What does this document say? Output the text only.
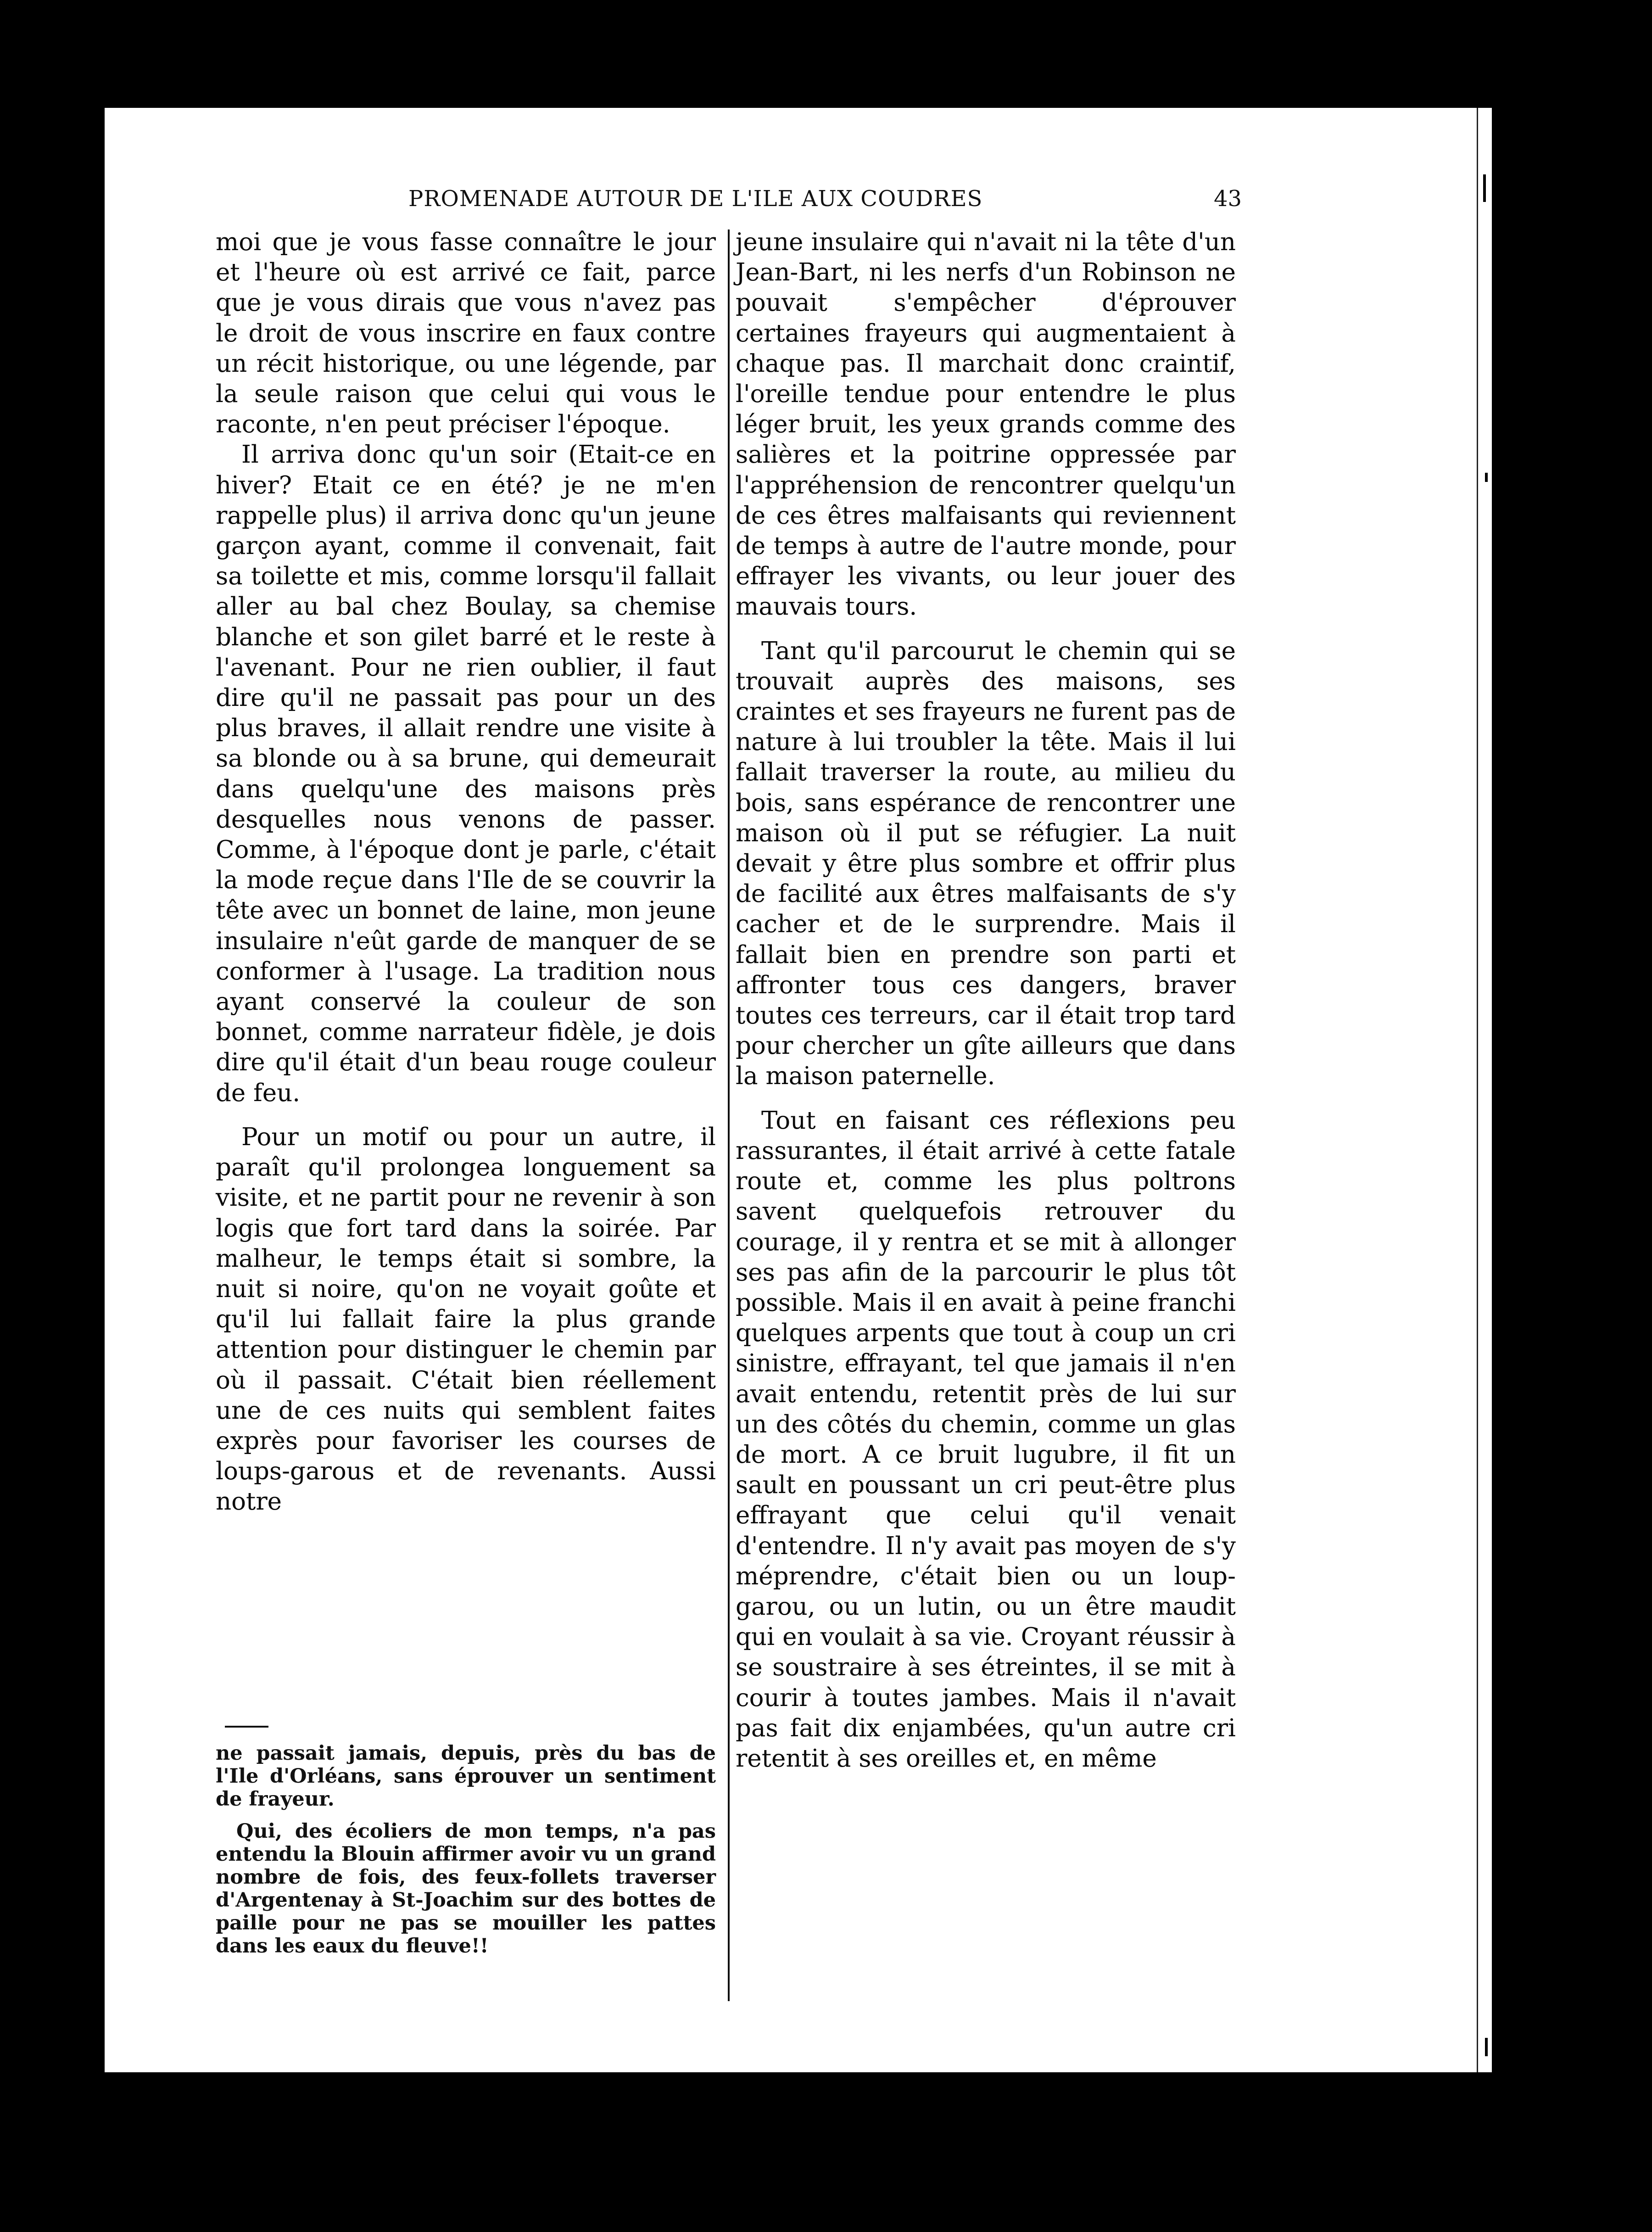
PROMENADE AUTOUR DE L'ILE AUX COUDRES	43

moi que je vous fasse connaître le jour et l'heure où est arrivé ce fait, parce que je vous dirais que vous n'avez pas le droit de vous inscrire en faux contre un récit historique, ou une légende, par la seule raison que celui qui vous le raconte, n'en peut préciser l'époque.

Il arriva donc qu'un soir (Etait-ce en hiver? Etait ce en été? je ne m'en rappelle plus) il arriva donc qu'un jeune garçon ayant, comme il convenait, fait sa toilette et mis, comme lorsqu'il fallait aller au bal chez Boulay, sa chemise blanche et son gilet barré et le reste à l'avenant. Pour ne rien oublier, il faut dire qu'il ne passait pas pour un des plus braves, il allait rendre une visite à sa blonde ou à sa brune, qui demeurait dans quelqu'une des maisons près desquelles nous venons de passer. Comme, à l'époque dont je parle, c'était la mode reçue dans l'Ile de se couvrir la tête avec un bonnet de laine, mon jeune insulaire n'eût garde de manquer de se conformer à l'usage. La tradition nous ayant conservé la couleur de son bonnet, comme narrateur fidèle, je dois dire qu'il était d'un beau rouge couleur de feu.

Pour un motif ou pour un autre, il paraît qu'il prolongea longuement sa visite, et ne partit pour ne revenir à son logis que fort tard dans la soirée. Par malheur, le temps était si sombre, la nuit si noire, qu'on ne voyait goûte et qu'il lui fallait faire la plus grande attention pour distinguer le chemin par où il passait. C'était bien réellement une de ces nuits qui semblent faites exprès pour favoriser les courses de loups-garous et de revenants. Aussi notre

jeune insulaire qui n'avait ni la tête d'un Jean-Bart, ni les nerfs d'un Robinson ne pouvait s'empêcher d'éprouver certaines frayeurs qui augmentaient à chaque pas. Il marchait donc craintif, l'oreille tendue pour entendre le plus léger bruit, les yeux grands comme des salières et la poitrine oppressée par l'appréhension de rencontrer quelqu'un de ces êtres malfaisants qui reviennent de temps à autre de l'autre monde, pour effrayer les vivants, ou leur jouer des mauvais tours.

Tant qu'il parcourut le chemin qui se trouvait auprès des maisons, ses craintes et ses frayeurs ne furent pas de nature à lui troubler la tête. Mais il lui fallait traverser la route, au milieu du bois, sans espérance de rencontrer une maison où il put se réfugier. La nuit devait y être plus sombre et offrir plus de facilité aux êtres malfaisants de s'y cacher et de le surprendre. Mais il fallait bien en prendre son parti et affronter tous ces dangers, braver toutes ces terreurs, car il était trop tard pour chercher un gîte ailleurs que dans la maison paternelle.

Tout en faisant ces réflexions peu rassurantes, il était arrivé à cette fatale route et, comme les plus poltrons savent quelquefois retrouver du courage, il y rentra et se mit à allonger ses pas afin de la parcourir le plus tôt possible. Mais il en avait à peine franchi quelques arpents que tout à coup un cri sinistre, effrayant, tel que jamais il n'en avait entendu, retentit près de lui sur un des côtés du chemin, comme un glas de mort. A ce bruit lugubre, il fit un sault en poussant un cri peut-être plus effrayant que celui qu'il venait d'entendre. Il n'y avait pas moyen de s'y méprendre, c'était bien ou un loup-garou, ou un lutin, ou un être maudit qui en voulait à sa vie. Croyant réussir à se soustraire à ses étreintes, il se mit à courir à toutes jambes. Mais il n'avait pas fait dix enjambées, qu'un autre cri retentit à ses oreilles et, en même

ne passait jamais, depuis, près du bas de l'Ile d'Orléans, sans éprouver un sentiment de frayeur.

Qui, des écoliers de mon temps, n'a pas entendu la Blouin affirmer avoir vu un grand nombre de fois, des feux-follets traverser d'Argentenay à St-Joachim sur des bottes de paille pour ne pas se mouiller les pattes dans les eaux du fleuve!!
